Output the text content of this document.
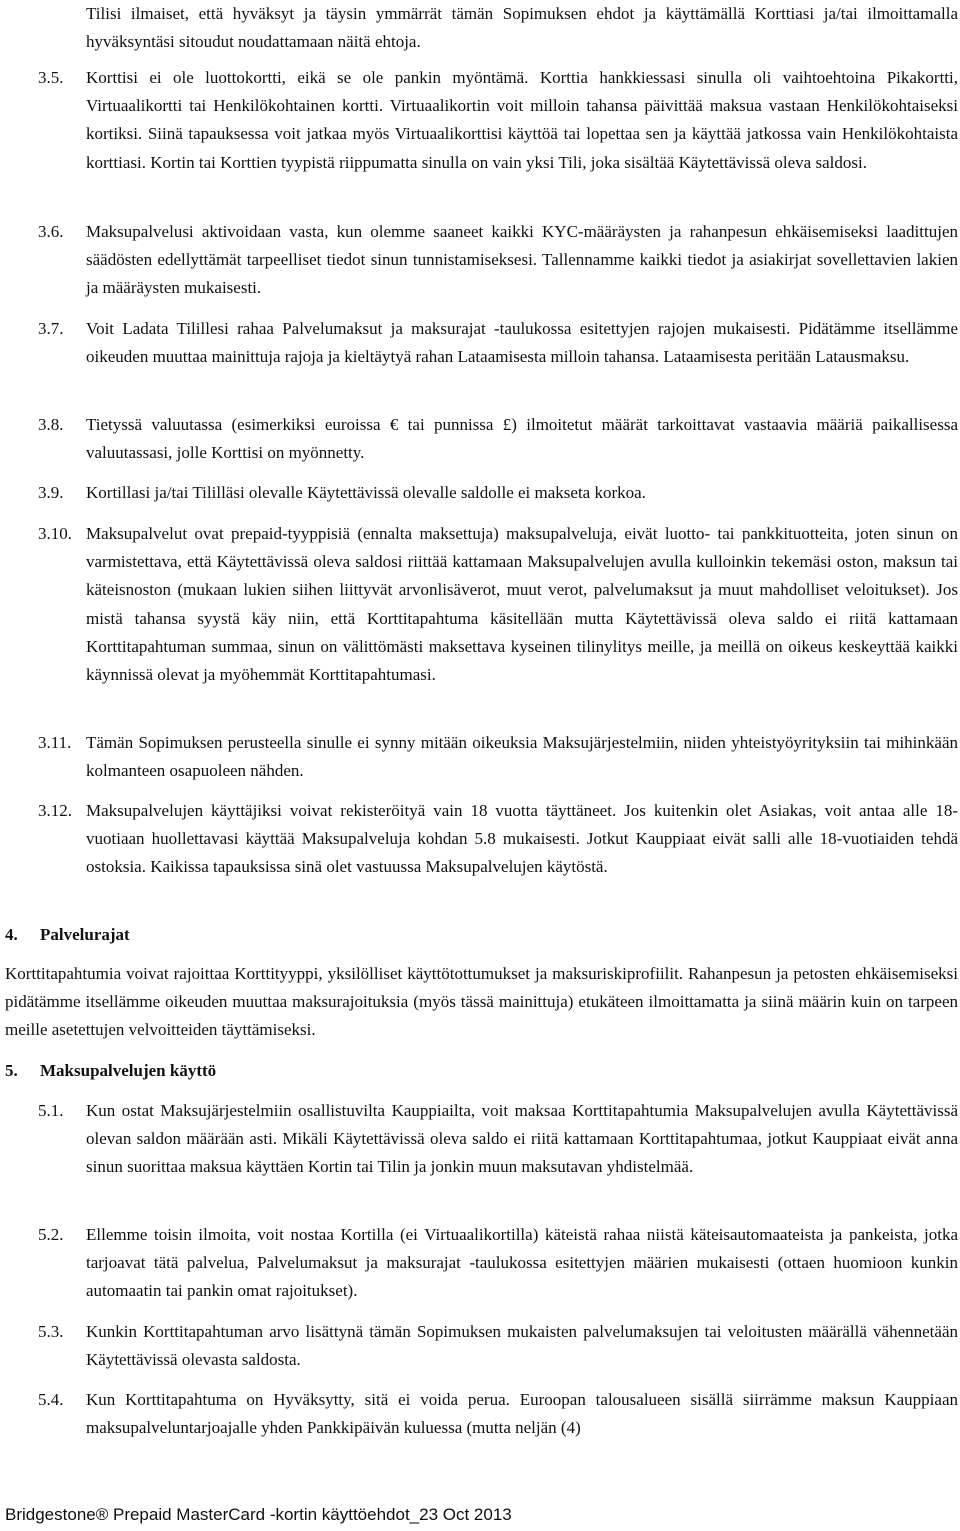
Tilisi ilmaiset, että hyväksyt ja täysin ymmärrät tämän Sopimuksen ehdot ja käyttämällä Korttiasi ja/tai ilmoittamalla hyväksyntäsi sitoudut noudattamaan näitä ehtoja.

3.5. Korttisi ei ole luottokortti, eikä se ole pankin myöntämä. Korttia hankkiessasi sinulla oli vaihtoehtoina Pikakortti, Virtuaalikortti tai Henkilökohtainen kortti. Virtuaalikortin voit milloin tahansa päivittää maksua vastaan Henkilökohtaiseksi kortiksi. Siinä tapauksessa voit jatkaa myös Virtuaalikorttisi käyttöä tai lopettaa sen ja käyttää jatkossa vain Henkilökohtaista korttiasi. Kortin tai Korttien tyypistä riippumatta sinulla on vain yksi Tili, joka sisältää Käytettävissä oleva saldosi.

3.6. Maksupalvelusi aktivoidaan vasta, kun olemme saaneet kaikki KYC-määräysten ja rahanpesun ehkäisemiseksi laadittujen säädösten edellyttämät tarpeelliset tiedot sinun tunnistamiseksesi. Tallennamme kaikki tiedot ja asiakirjat sovellettavien lakien ja määräysten mukaisesti.

3.7. Voit Ladata Tilillesi rahaa Palvelumaksut ja maksurajat -taulukossa esitettyjen rajojen mukaisesti. Pidätämme itsellämme oikeuden muuttaa mainittuja rajoja ja kieltäytyä rahan Lataamisesta milloin tahansa. Lataamisesta peritään Latausmaksu.

3.8. Tietyssä valuutassa (esimerkiksi euroissa € tai punnissa £) ilmoitetut määrät tarkoittavat vastaavia määriä paikallisessa valuutassasi, jolle Korttisi on myönnetty.

3.9. Kortillasi ja/tai Tililläsi olevalle Käytettävissä olevalle saldolle ei makseta korkoa.

3.10. Maksupalvelut ovat prepaid-tyyppisiä (ennalta maksettuja) maksupalveluja, eivät luotto- tai pankkituotteita, joten sinun on varmistettava, että Käytettävissä oleva saldosi riittää kattamaan Maksupalvelujen avulla kulloinkin tekemäsi oston, maksun tai käteisnoston (mukaan lukien siihen liittyvät arvonlisäverot, muut verot, palvelumaksut ja muut mahdolliset veloitukset). Jos mistä tahansa syystä käy niin, että Korttitapahtuma käsitellään mutta Käytettävissä oleva saldo ei riitä kattamaan Korttitapahtuman summaa, sinun on välittömästi maksettava kyseinen tilinylitys meille, ja meillä on oikeus keskeyttää kaikki käynnissä olevat ja myöhemmät Korttitapahtumasi.

3.11. Tämän Sopimuksen perusteella sinulle ei synny mitään oikeuksia Maksujärjestelmiin, niiden yhteistyöyrityksiin tai mihinkään kolmanteen osapuoleen nähden.

3.12. Maksupalvelujen käyttäjiksi voivat rekisteröityä vain 18 vuotta täyttäneet. Jos kuitenkin olet Asiakas, voit antaa alle 18-vuotiaan huollettavasi käyttää Maksupalveluja kohdan 5.8 mukaisesti. Jotkut Kauppiaat eivät salli alle 18-vuotiaiden tehdä ostoksia. Kaikissa tapauksissa sinä olet vastuussa Maksupalvelujen käytöstä.

4. Palvelurajat

Korttitapahtumia voivat rajoittaa Korttityyppi, yksilölliset käyttötottumukset ja maksuriskiprofiilit. Rahanpesun ja petosten ehkäisemiseksi pidätämme itsellämme oikeuden muuttaa maksurajoituksia (myös tässä mainittuja) etukäteen ilmoittamatta ja siinä määrin kuin on tarpeen meille asetettujen velvoitteiden täyttämiseksi.

5. Maksupalvelujen käyttö
5.1. Kun ostat Maksujärjestelmiin osallistuvilta Kauppiailta, voit maksaa Korttitapahtumia Maksupalvelujen avulla Käytettävissä olevan saldon määrään asti. Mikäli Käytettävissä oleva saldo ei riitä kattamaan Korttitapahtumaa, jotkut Kauppiaat eivät anna sinun suorittaa maksua käyttäen Kortin tai Tilin ja jonkin muun maksutavan yhdistelmää.

5.2. Ellemme toisin ilmoita, voit nostaa Kortilla (ei Virtuaalikortilla) käteistä rahaa niistä käteisautomaateista ja pankeista, jotka tarjoavat tätä palvelua, Palvelumaksut ja maksurajat -taulukossa esitettyjen määrien mukaisesti (ottaen huomioon kunkin automaatin tai pankin omat rajoitukset).

5.3. Kunkin Korttitapahtuman arvo lisättynä tämän Sopimuksen mukaisten palvelumaksujen tai veloitusten määrällä vähennetään Käytettävissä olevasta saldosta.

5.4. Kun Korttitapahtuma on Hyväksytty, sitä ei voida perua. Euroopan talousalueen sisällä siirrämme maksun Kauppiaan maksupalveluntarjoajalle yhden Pankkipäivän kuluessa (mutta neljän (4)

Bridgestone® Prepaid MasterCard -kortin käyttöehdot_23 Oct 2013
